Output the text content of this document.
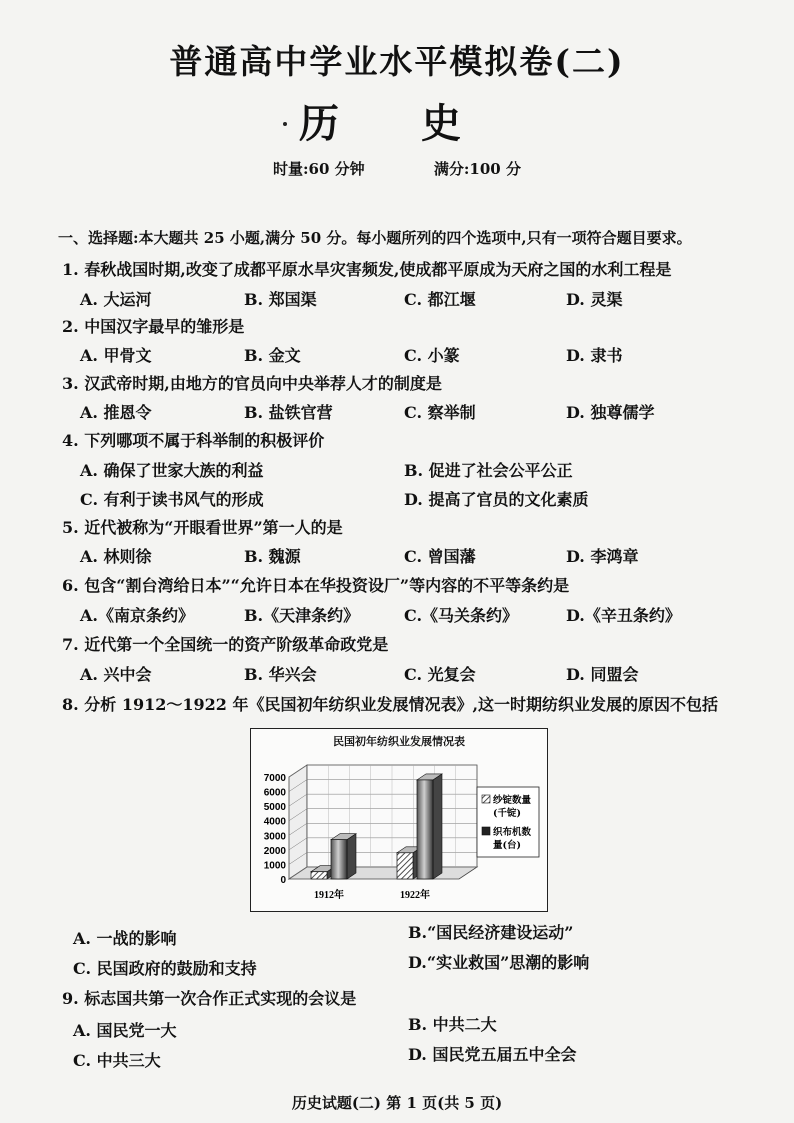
普通高中学业水平模拟卷(二)
历 史
时量:60 分钟	满分:100 分
一、选择题:本大题共 25 小题,满分 50 分。每小题所列的四个选项中,只有一项符合题目要求。
1. 春秋战国时期,改变了成都平原水旱灾害频发,使成都平原成为天府之国的水利工程是
A. 大运河	B. 郑国渠	C. 都江堰	D. 灵渠
2. 中国汉字最早的雏形是
A. 甲骨文	B. 金文	C. 小篆	D. 隶书
3. 汉武帝时期,由地方的官员向中央举荐人才的制度是
A. 推恩令	B. 盐铁官营	C. 察举制	D. 独尊儒学
4. 下列哪项不属于科举制的积极评价
A. 确保了世家大族的利益	B. 促进了社会公平公正
C. 有利于读书风气的形成	D. 提高了官员的文化素质
5. 近代被称为“开眼看世界”第一人的是
A. 林则徐	B. 魏源	C. 曾国藩	D. 李鸿章
6. 包含“割台湾给日本”“允许日本在华投资设厂”等内容的不平等条约是
A.《南京条约》	B.《天津条约》	C.《马关条约》	D.《辛丑条约》
7. 近代第一个全国统一的资产阶级革命政党是
A. 兴中会	B. 华兴会	C. 光复会	D. 同盟会
8. 分析 1912～1922 年《民国初年纺织业发展情况表》,这一时期纺织业发展的原因不包括
民国初年纺织业发展情况表
0
1000
2000
3000
4000
5000
6000
7000
1912年	1922年
纱锭数量
(千锭)
织布机数
量(台)
A. 一战的影响	B.“国民经济建设运动”
C. 民国政府的鼓励和支持	D.“实业救国”思潮的影响
9. 标志国共第一次合作正式实现的会议是
A. 国民党一大	B. 中共二大
C. 中共三大	D. 国民党五届五中全会
历史试题(二) 第 1 页(共 5 页)
